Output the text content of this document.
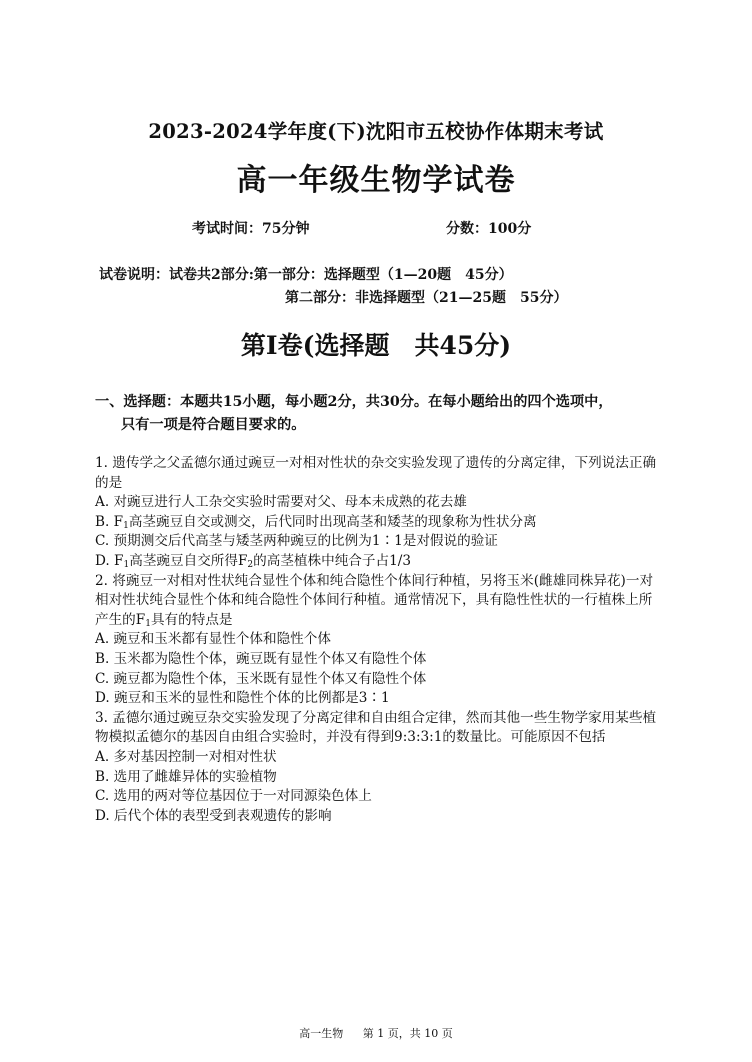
2023-2024学年度(下)沈阳市五校协作体期末考试
高一年级生物学试卷
考试时间：75分钟	分数：100分
试卷说明：试卷共2部分:第一部分：选择题型（1—20题　45分）
第二部分：非选择题型（21—25题　55分）
第Ⅰ卷(选择题　共45分)
一、选择题：本题共15小题，每小题2分，共30分。在每小题给出的四个选项中，
只有一项是符合题目要求的。

1. 遗传学之父孟德尔通过豌豆一对相对性状的杂交实验发现了遗传的分离定律，下列说法正确的是

A. 对豌豆进行人工杂交实验时需要对父、母本未成熟的花去雄

B. $F_1$高茎豌豆自交或测交，后代同时出现高茎和矮茎的现象称为性状分离

C. 预期测交后代高茎与矮茎两种豌豆的比例为1∶1是对假说的验证

D. $F_1$高茎豌豆自交所得$F_2$的高茎植株中纯合子占1/3

2. 将豌豆一对相对性状纯合显性个体和纯合隐性个体间行种植，另将玉米(雌雄同株异花)一对相对性状纯合显性个体和纯合隐性个体间行种植。通常情况下，具有隐性性状的一行植株上所产生的$F_1$具有的特点是

A. 豌豆和玉米都有显性个体和隐性个体

B. 玉米都为隐性个体，豌豆既有显性个体又有隐性个体

C. 豌豆都为隐性个体，玉米既有显性个体又有隐性个体

D. 豌豆和玉米的显性和隐性个体的比例都是3∶1

3. 孟德尔通过豌豆杂交实验发现了分离定律和自由组合定律，然而其他一些生物学家用某些植物模拟孟德尔的基因自由组合实验时，并没有得到9:3:3:1的数量比。可能原因不包括

A. 多对基因控制一对相对性状

B. 选用了雌雄异体的实验植物

C. 选用的两对等位基因位于一对同源染色体上

D. 后代个体的表型受到表观遗传的影响

高一生物 第 1 页，共 10 页
